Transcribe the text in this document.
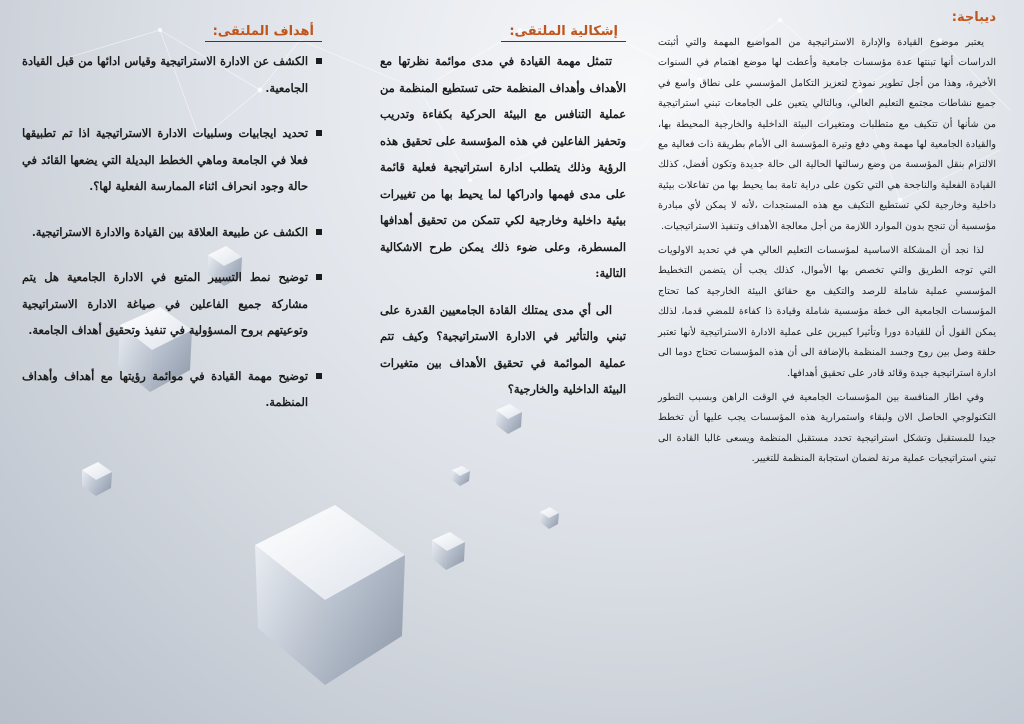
ديباجة:

يعتبر موضوع القيادة والإدارة الاستراتيجية من المواضيع المهمة والتي أثبتت الدراسات أنها تبنتها عدة مؤسسات جامعية وأعطت لها موضع اهتمام في السنوات الأخيرة، وهذا من أجل تطوير نموذج لتعزيز التكامل المؤسسي على نطاق واسع في جميع نشاطات مجتمع التعليم العالي، وبالتالي يتعين على الجامعات تبني استراتيجية من شأنها أن تتكيف مع متطلبات ومتغيرات البيئة الداخلية والخارجية المحيطة بها، والقيادة الجامعية لها مهمة وهي دفع وتيرة المؤسسة الى الأمام بطريقة ذات فعالية مع الالتزام بنقل المؤسسة من وضع رسالتها الحالية الى حالة جديدة وتكون أفضل، كذلك القيادة الفعلية والناجحة هي التي تكون على دراية تامة بما يحيط بها من تفاعلات بيئية داخلية وخارجية لكي تستطيع التكيف مع هذه المستجدات ،لأنه لا يمكن لأي مبادرة مؤسسية أن تنجح بدون الموارد اللازمة من أجل معالجة الأهداف وتنفيذ الاستراتيجيات.

لذا نجد أن المشكلة الاساسية لمؤسسات التعليم العالي هي في تحديد الاولويات التي توجه الطريق والتي تخصص بها الأموال، كذلك يجب أن يتضمن التخطيط المؤسسي عملية شاملة للرصد والتكيف مع حقائق البيئة الخارجية كما تحتاج المؤسسات الجامعية الى خطة مؤسسية شاملة وقيادة ذا كفاءة للمضي قدما، لذلك يمكن القول أن للقيادة دورا وتأثيرا كبيرين على عملية الادارة الاستراتيجية لأنها تعتبر حلقة وصل بين روح وجسد المنظمة بالإضافة الى أن هذه المؤسسات تحتاج دوما الى ادارة استراتيجية جيدة وقائد قادر على تحقيق أهدافها.

وفي اطار المنافسة بين المؤسسات الجامعية في الوقت الراهن وبسبب التطور التكنولوجي الحاصل الان ولبقاء واستمرارية هذه المؤسسات يجب عليها أن تخطط جيدا للمستقبل وتشكل استراتيجية تحدد مستقبل المنظمة ويسعى غالبا القادة الى تبني استراتيجيات عملية مرنة لضمان استجابة المنظمة للتغيير.

إشكالية الملتقى:

تتمثل مهمة القيادة في مدى موائمة نظرتها مع الأهداف وأهداف المنظمة حتى تستطيع المنظمة من عملية التنافس مع البيئة الحركية بكفاءة وتدريب وتحفيز الفاعلين في هذه المؤسسة على تحقيق هذه الرؤية وذلك يتطلب ادارة استراتيجية فعلية قائمة على مدى فهمها وادراكها لما يحيط بها من تغييرات بيئية داخلية وخارجية لكي تتمكن من تحقيق أهدافها المسطرة، وعلى ضوء ذلك يمكن طرح الاشكالية التالية:

الى أي مدى يمتلك القادة الجامعيين القدرة على تبني والتأثير في الادارة الاستراتيجية؟ وكيف تتم عملية الموائمة في تحقيق الأهداف بين متغيرات البيئة الداخلية والخارجية؟

أهداف الملتقى:
الكشف عن الادارة الاستراتيجية وقياس ادائها من قبل القيادة الجامعية.
تحديد ايجابيات وسلبيات الادارة الاستراتيجية اذا تم تطبيقها فعلا في الجامعة وماهي الخطط البديلة التي يضعها القائد في حالة وجود انحراف اثناء الممارسة الفعلية لها؟.
الكشف عن طبيعة العلاقة بين القيادة والادارة الاستراتيجية.
توضيح نمط التسيير المتبع في الادارة الجامعية هل يتم مشاركة جميع الفاعلين في صياغة الادارة الاستراتيجية وتوعيتهم بروح المسؤولية في تنفيذ وتحقيق أهداف الجامعة.
توضيح مهمة القيادة في موائمة رؤيتها مع أهداف وأهداف المنظمة.
